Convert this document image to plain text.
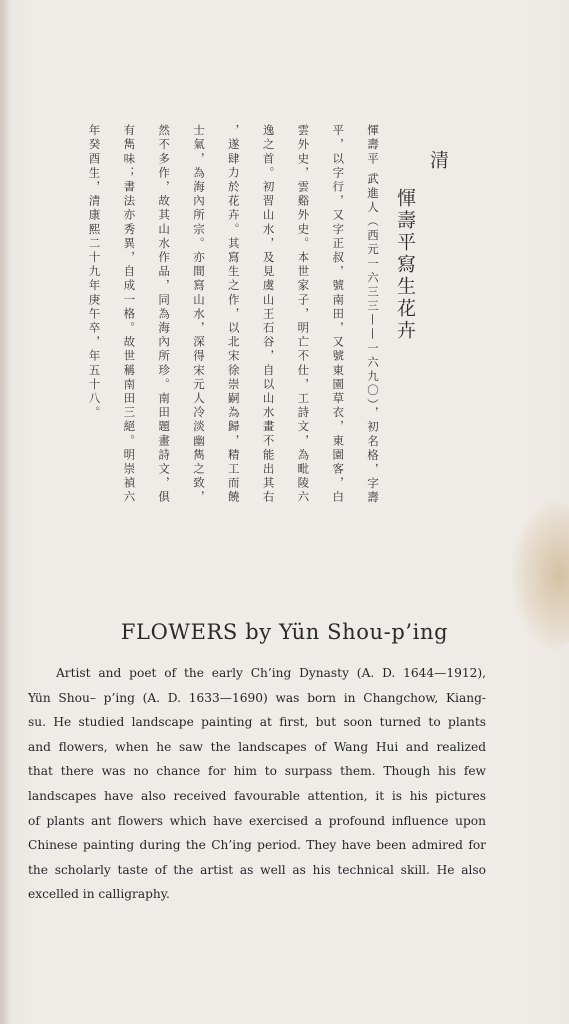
清
惲壽平寫生花卉
惲壽平 武進人（西元一六三三——一六九〇），初名格，字壽
平，以字行，又字正叔，號南田，又號東園草衣，東園客，白
雲外史，雲谿外史。本世家子，明亡不仕，工詩文，為毗陵六
逸之首。初習山水，及見虞山王石谷，自以山水畫不能出其右
，遂肆力於花卉。其寫生之作，以北宋徐崇嗣為歸，精工而饒
士氣，為海內所宗。亦間寫山水，深得宋元人冷淡幽雋之致，
然不多作，故其山水作品，同為海內所珍。南田題畫詩文，俱
有雋味；書法亦秀異，自成一格。故世稱南田三絕。明崇禎六
年癸酉生，清康熙二十九年庚午卒，年五十八。
FLOWERS by Yün Shou-p’ing
Artist and poet of the early Ch’ing Dynasty (A. D. 1644—1912),
Yün Shou– p’ing (A. D. 1633—1690) was born in Changchow, Kiang-
su. He studied landscape painting at first, but soon turned to plants
and flowers, when he saw the landscapes of Wang Hui and realized
that there was no chance for him to surpass them. Though his few
landscapes have also received favourable attention, it is his pictures
of plants ant flowers which have exercised a profound influence upon
Chinese painting during the Ch’ing period. They have been admired for
the scholarly taste of the artist as well as his technical skill. He also
excelled in calligraphy.
